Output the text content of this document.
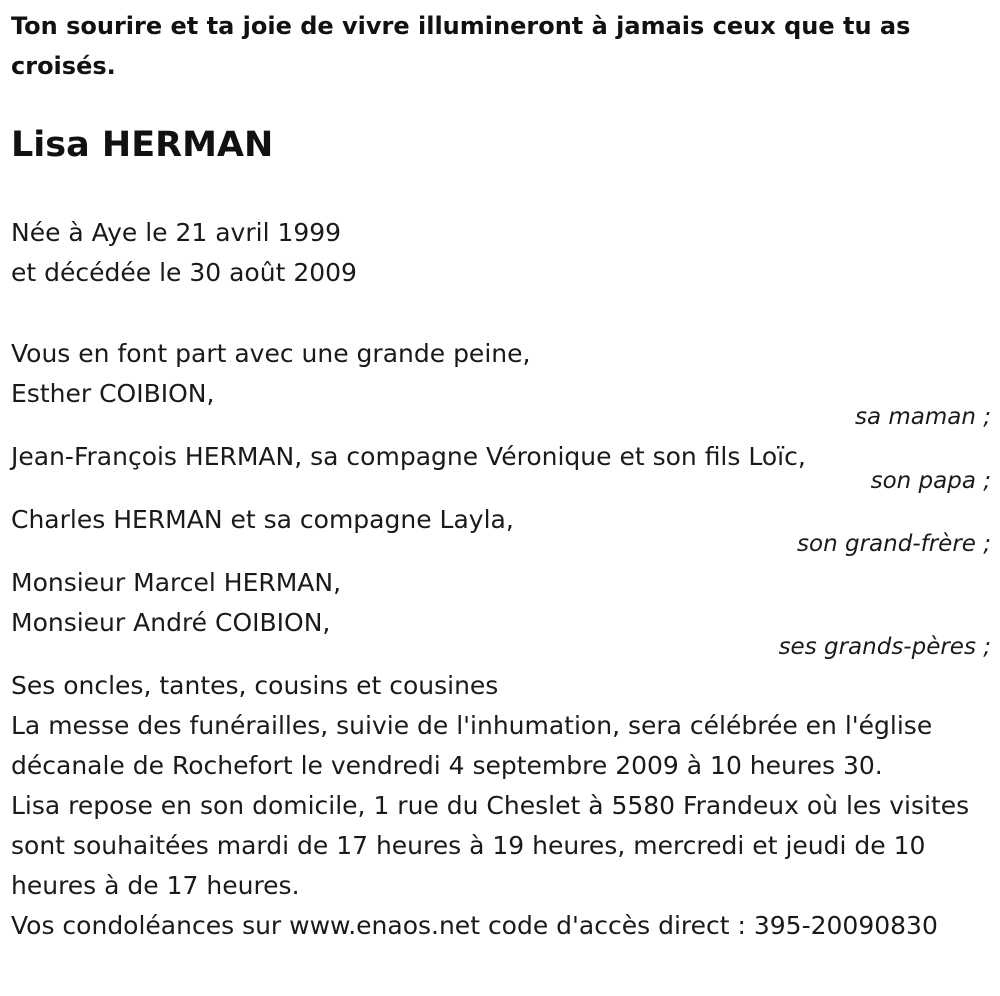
Ton sourire et ta joie de vivre illumineront à jamais ceux que tu as croisés.
Lisa HERMAN
Née à Aye le 21 avril 1999
et décédée le 30 août 2009
Vous en font part avec une grande peine,
Esther COIBION,
sa maman ;
Jean-François HERMAN, sa compagne Véronique et son fils Loïc,
son papa ;
Charles HERMAN et sa compagne Layla,
son grand-frère ;
Monsieur Marcel HERMAN,
Monsieur André COIBION,
ses grands-pères ;

Ses oncles, tantes, cousins et cousines

La messe des funérailles, suivie de l'inhumation, sera célébrée en l'église décanale de Rochefort le vendredi 4 septembre 2009 à 10 heures 30.

Lisa repose en son domicile, 1 rue du Cheslet à 5580 Frandeux où les visites sont souhaitées mardi de 17 heures à 19 heures, mercredi et jeudi de 10 heures à de 17 heures.

Vos condoléances sur www.enaos.net code d'accès direct : 395-20090830
